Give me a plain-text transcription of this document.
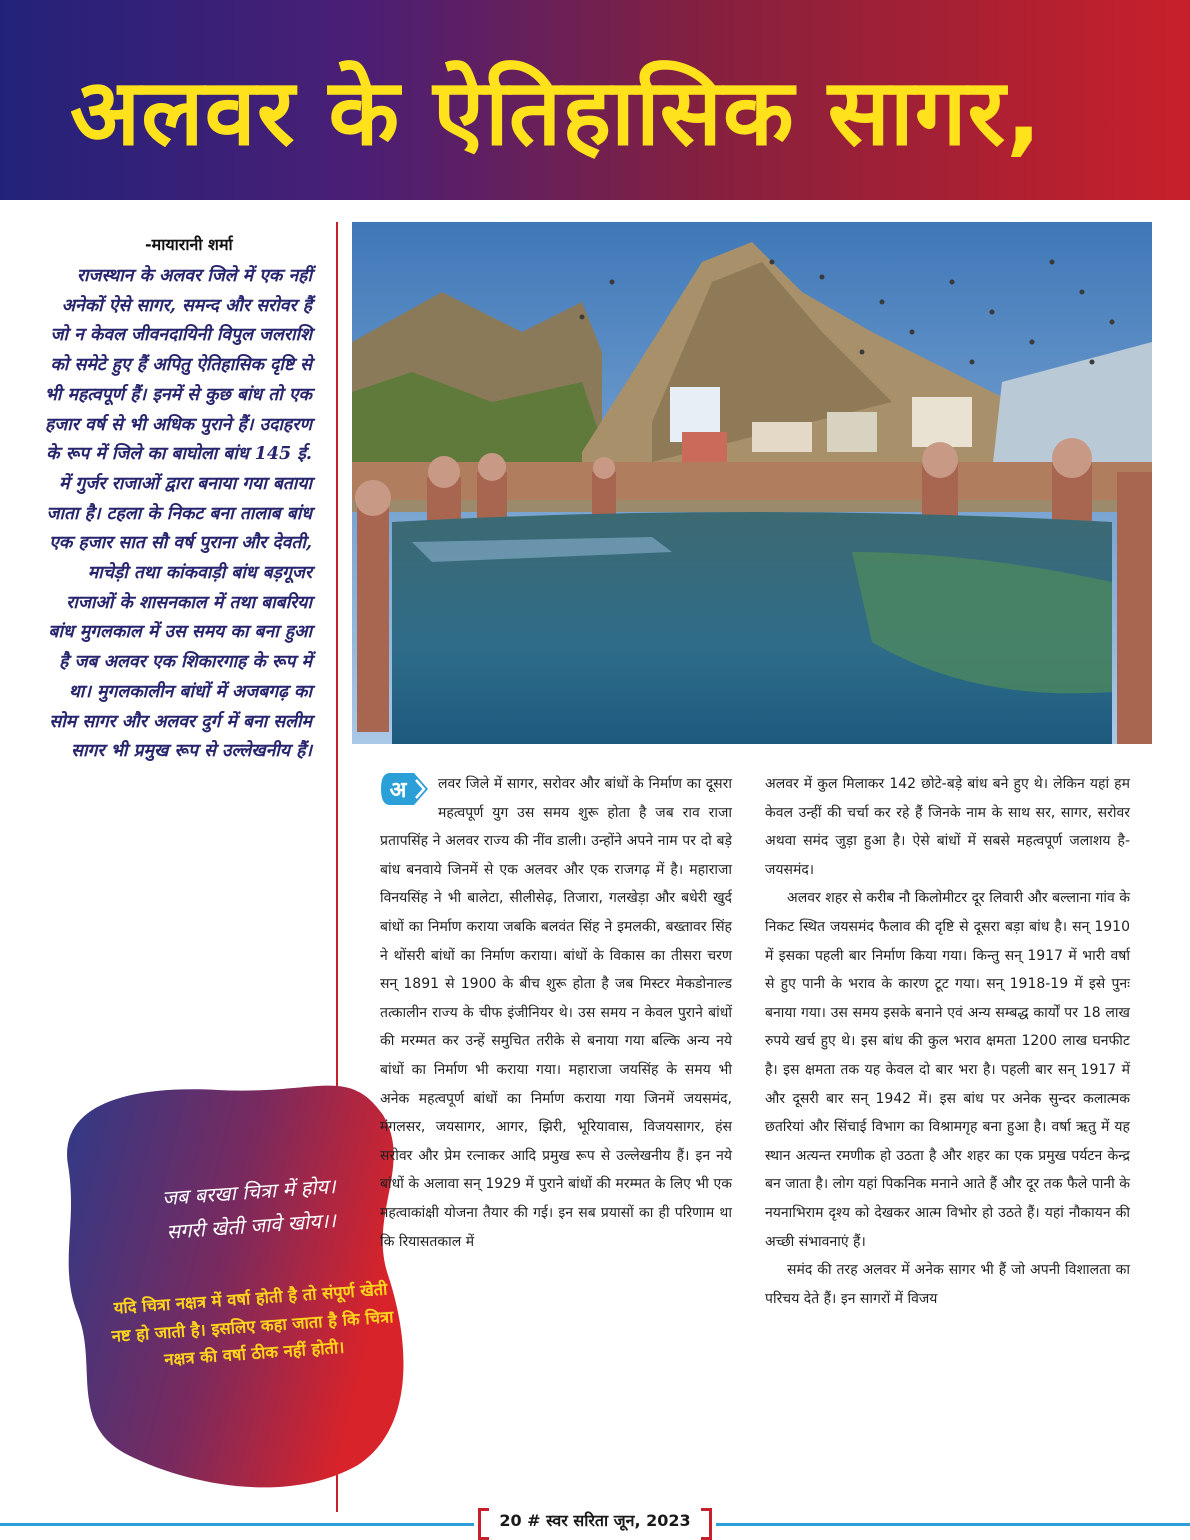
अलवर के ऐतिहासिक सागर,
-मायारानी शर्मा
राजस्थान के अलवर जिले में एक नहीं अनेकों ऐसे सागर, समन्द और सरोवर हैं जो न केवल जीवनदायिनी विपुल जलराशि को समेटे हुए हैं अपितु ऐतिहासिक दृष्टि से भी महत्वपूर्ण हैं। इनमें से कुछ बांध तो एक हजार वर्ष से भी अधिक पुराने हैं। उदाहरण के रूप में जिले का बाघोला बांध 145 ई. में गुर्जर राजाओं द्वारा बनाया गया बताया जाता है। टहला के निकट बना तालाब बांध एक हजार सात सौ वर्ष पुराना और देवती, माचेड़ी तथा कांकवाड़ी बांध बड़गूजर राजाओं के शासनकाल में तथा बाबरिया बांध मुगलकाल में उस समय का बना हुआ है जब अलवर एक शिकारगाह के रूप में था। मुगलकालीन बांधों में अजबगढ़ का सोम सागर और अलवर दुर्ग में बना सलीम सागर भी प्रमुख रूप से उल्लेखनीय हैं।
जब बरखा चित्रा में होय।
सगरी खेती जावे खोय।।
यदि चित्रा नक्षत्र में वर्षा होती है तो संपूर्ण खेती नष्ट हो जाती है। इसलिए कहा जाता है कि चित्रा नक्षत्र की वर्षा ठीक नहीं होती।
अ	लवर जिले में सागर, सरोवर और बांधों के निर्माण का दूसरा महत्वपूर्ण युग उस समय शुरू होता है जब राव राजा प्रतापसिंह ने अलवर राज्य की नींव डाली। उन्होंने अपने नाम पर दो बड़े बांध बनवाये जिनमें से एक अलवर और एक राजगढ़ में है। महाराजा विनयसिंह ने भी बालेटा, सीलीसेढ़, तिजारा, गलखेड़ा और बधेरी खुर्द बांधों का निर्माण कराया जबकि बलवंत सिंह ने इमलकी, बख्तावर सिंह ने थोंसरी बांधों का निर्माण कराया। बांधों के विकास का तीसरा चरण सन् 1891 से 1900 के बीच शुरू होता है जब मिस्टर मेकडोनाल्ड तत्कालीन राज्य के चीफ इंजीनियर थे। उस समय न केवल पुराने बांधों की मरम्मत कर उन्हें समुचित तरीके से बनाया गया बल्कि अन्य नये बांधों का निर्माण भी कराया गया। महाराजा जयसिंह के समय भी अनेक महत्वपूर्ण बांधों का निर्माण कराया गया जिनमें जयसमंद, मंगलसर, जयसागर, आगर, झिरी, भूरियावास, विजयसागर, हंस सरोवर और प्रेम रत्नाकर आदि प्रमुख रूप से उल्लेखनीय हैं। इन नये बांधों के अलावा सन् 1929 में पुराने बांधों की मरम्मत के लिए भी एक महत्वाकांक्षी योजना तैयार की गई। इन सब प्रयासों का ही परिणाम था कि रियासतकाल में

अलवर में कुल मिलाकर 142 छोटे-बड़े बांध बने हुए थे। लेकिन यहां हम केवल उन्हीं की चर्चा कर रहे हैं जिनके नाम के साथ सर, सागर, सरोवर अथवा समंद जुड़ा हुआ है। ऐसे बांधों में सबसे महत्वपूर्ण जलाशय है- जयसमंद।

अलवर शहर से करीब नौ किलोमीटर दूर लिवारी और बल्लाना गांव के निकट स्थित जयसमंद फैलाव की दृष्टि से दूसरा बड़ा बांध है। सन् 1910 में इसका पहली बार निर्माण किया गया। किन्तु सन् 1917 में भारी वर्षा से हुए पानी के भराव के कारण टूट गया। सन् 1918-19 में इसे पुनः बनाया गया। उस समय इसके बनाने एवं अन्य सम्बद्ध कार्यों पर 18 लाख रुपये खर्च हुए थे। इस बांध की कुल भराव क्षमता 1200 लाख घनफीट है। इस क्षमता तक यह केवल दो बार भरा है। पहली बार सन् 1917 में और दूसरी बार सन् 1942 में। इस बांध पर अनेक सुन्दर कलात्मक छतरियां और सिंचाई विभाग का विश्रामगृह बना हुआ है। वर्षा ऋतु में यह स्थान अत्यन्त रमणीक हो उठता है और शहर का एक प्रमुख पर्यटन केन्द्र बन जाता है। लोग यहां पिकनिक मनाने आते हैं और दूर तक फैले पानी के नयनाभिराम दृश्य को देखकर आत्म विभोर हो उठते हैं। यहां नौकायन की अच्छी संभावनाएं हैं।

समंद की तरह अलवर में अनेक सागर भी हैं जो अपनी विशालता का परिचय देते हैं। इन सागरों में विजय

20 # स्वर सरिता जून, 2023
